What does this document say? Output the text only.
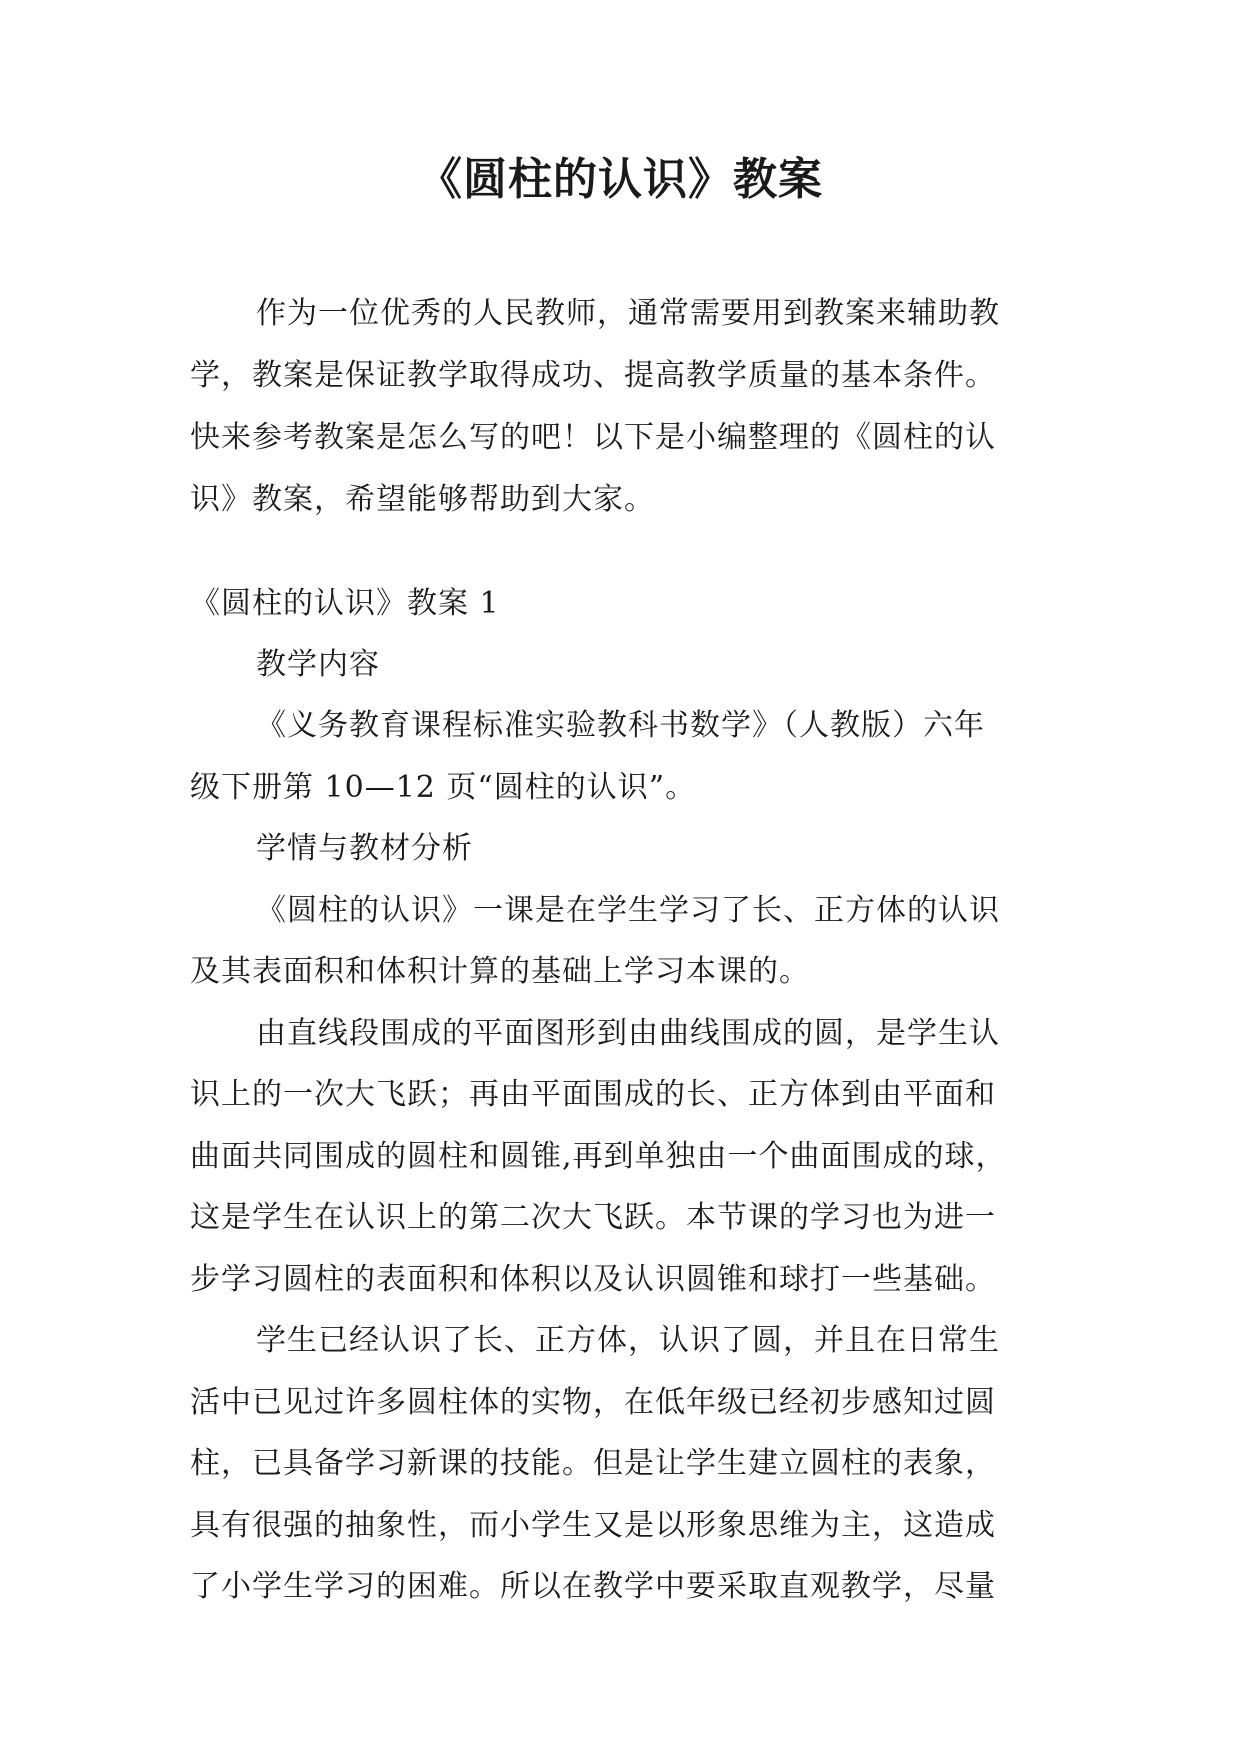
《圆柱的认识》教案
作为一位优秀的人民教师，通常需要用到教案来辅助教
学，教案是保证教学取得成功、提高教学质量的基本条件。
快来参考教案是怎么写的吧！以下是小编整理的《圆柱的认
识》教案，希望能够帮助到大家。
《圆柱的认识》教案 1
教学内容
《义务教育课程标准实验教科书数学》（人教版）六年
级下册第 10—12 页“圆柱的认识”。
学情与教材分析
《圆柱的认识》一课是在学生学习了长、正方体的认识
及其表面积和体积计算的基础上学习本课的。
由直线段围成的平面图形到由曲线围成的圆，是学生认
识上的一次大飞跃；再由平面围成的长、正方体到由平面和
曲面共同围成的圆柱和圆锥,再到单独由一个曲面围成的球，
这是学生在认识上的第二次大飞跃。本节课的学习也为进一
步学习圆柱的表面积和体积以及认识圆锥和球打一些基础。
学生已经认识了长、正方体，认识了圆，并且在日常生
活中已见过许多圆柱体的实物，在低年级已经初步感知过圆
柱，已具备学习新课的技能。但是让学生建立圆柱的表象，
具有很强的抽象性，而小学生又是以形象思维为主，这造成
了小学生学习的困难。所以在教学中要采取直观教学，尽量
